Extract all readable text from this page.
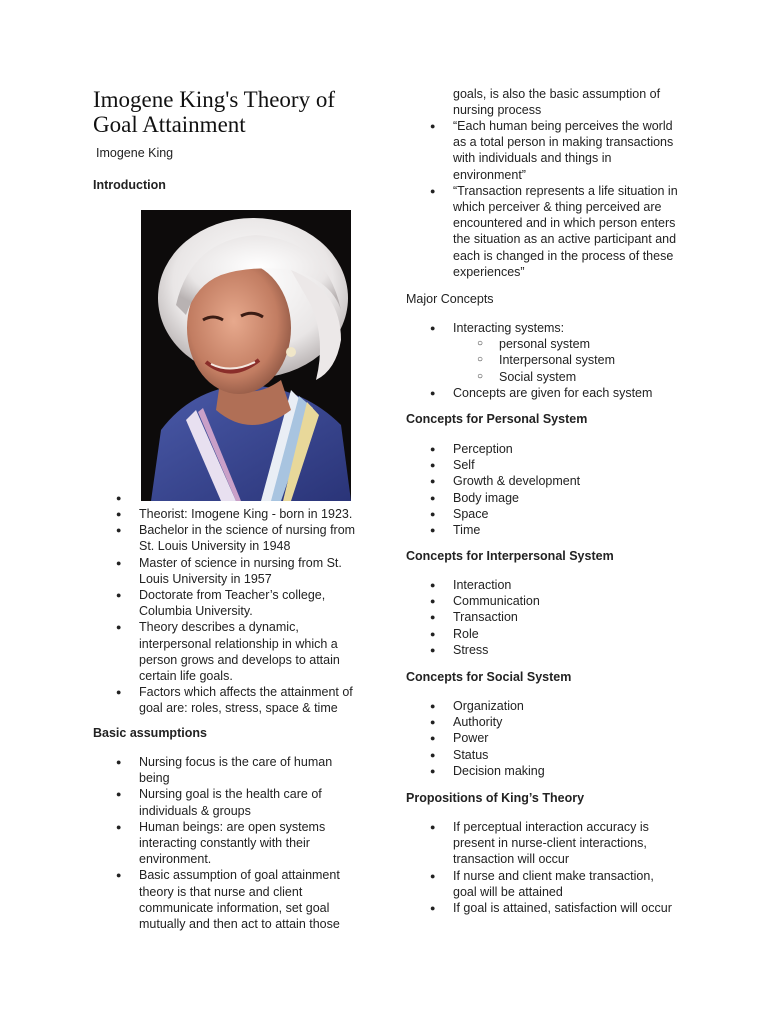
Imogene King's Theory of Goal Attainment
Imogene King
Introduction
●
● Theorist: Imogene King - born in 1923.
● Bachelor in the science of nursing from St. Louis University in 1948
● Master of science in nursing from St. Louis University in 1957
● Doctorate from Teacher’s college, Columbia University.
● Theory describes a dynamic, interpersonal relationship in which a person grows and develops to attain certain life goals.
● Factors which affects the attainment of goal are: roles, stress, space & time
Basic assumptions
● Nursing focus is the care of human being
● Nursing goal is the health care of individuals & groups
● Human beings: are open systems interacting constantly with their environment.
● Basic assumption of goal attainment theory is that nurse and client communicate information, set goal mutually and then act to attain those
goals, is also the basic assumption of nursing process
● “Each human being perceives the world as a total person in making transactions with individuals and things in environment”
● “Transaction represents a life situation in which perceiver & thing perceived are encountered and in which person enters the situation as an active participant and each is changed in the process of these experiences”
Major Concepts
● Interacting systems:
○ personal system
○ Interpersonal system
○ Social system
● Concepts are given for each system
Concepts for Personal System
● Perception
● Self
● Growth & development
● Body image
● Space
● Time
Concepts for Interpersonal System
● Interaction
● Communication
● Transaction
● Role
● Stress
Concepts for Social System
● Organization
● Authority
● Power
● Status
● Decision making
Propositions of King’s Theory
● If perceptual interaction accuracy is present in nurse-client interactions, transaction will occur
● If nurse and client make transaction, goal will be attained
● If goal is attained, satisfaction will occur
